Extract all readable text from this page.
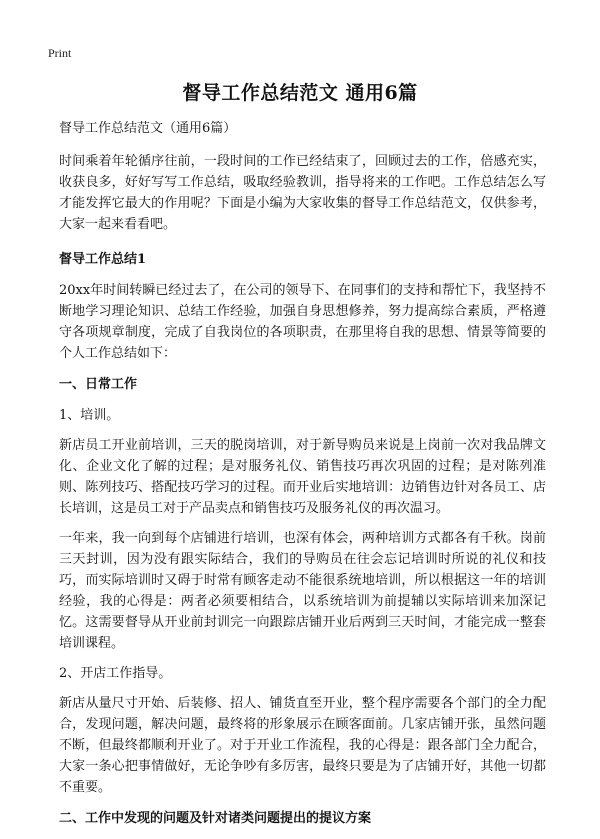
Print
督导工作总结范文 通用6篇

督导工作总结范文（通用6篇）

时间乘着年轮循序往前，一段时间的工作已经结束了，回顾过去的工作，倍感充实，收获良多，好好写写工作总结，吸取经验教训，指导将来的工作吧。工作总结怎么写才能发挥它最大的作用呢？下面是小编为大家收集的督导工作总结范文，仅供参考，大家一起来看看吧。

督导工作总结1

20xx年时间转瞬已经过去了，在公司的领导下、在同事们的支持和帮忙下，我坚持不断地学习理论知识、总结工作经验，加强自身思想修养，努力提高综合素质，严格遵守各项规章制度，完成了自我岗位的各项职责，在那里将自我的思想、情景等简要的个人工作总结如下：

一、日常工作

1、培训。

新店员工开业前培训，三天的脱岗培训，对于新导购员来说是上岗前一次对我品牌文化、企业文化了解的过程；是对服务礼仪、销售技巧再次巩固的过程；是对陈列准则、陈列技巧、搭配技巧学习的过程。而开业后实地培训：边销售边针对各员工、店长培训，这是员工对于产品卖点和销售技巧及服务礼仪的再次温习。

一年来，我一向到每个店铺进行培训，也深有体会，两种培训方式都各有千秋。岗前三天封训，因为没有跟实际结合，我们的导购员在往会忘记培训时所说的礼仪和技巧，而实际培训时又碍于时常有顾客走动不能很系统地培训，所以根据这一年的培训经验，我的心得是：两者必须要相结合，以系统培训为前提辅以实际培训来加深记忆。这需要督导从开业前封训完一向跟踪店铺开业后两到三天时间，才能完成一整套培训课程。

2、开店工作指导。

新店从量尺寸开始、后装修、招人、铺货直至开业，整个程序需要各个部门的全力配合，发现问题，解决问题，最终将的形象展示在顾客面前。几家店铺开张，虽然问题不断，但最终都顺利开业了。对于开业工作流程，我的心得是：跟各部门全力配合，大家一条心把事情做好，无论争吵有多厉害，最终只要是为了店铺开好，其他一切都不重要。

二、工作中发现的问题及针对诸类问题提出的提议方案
